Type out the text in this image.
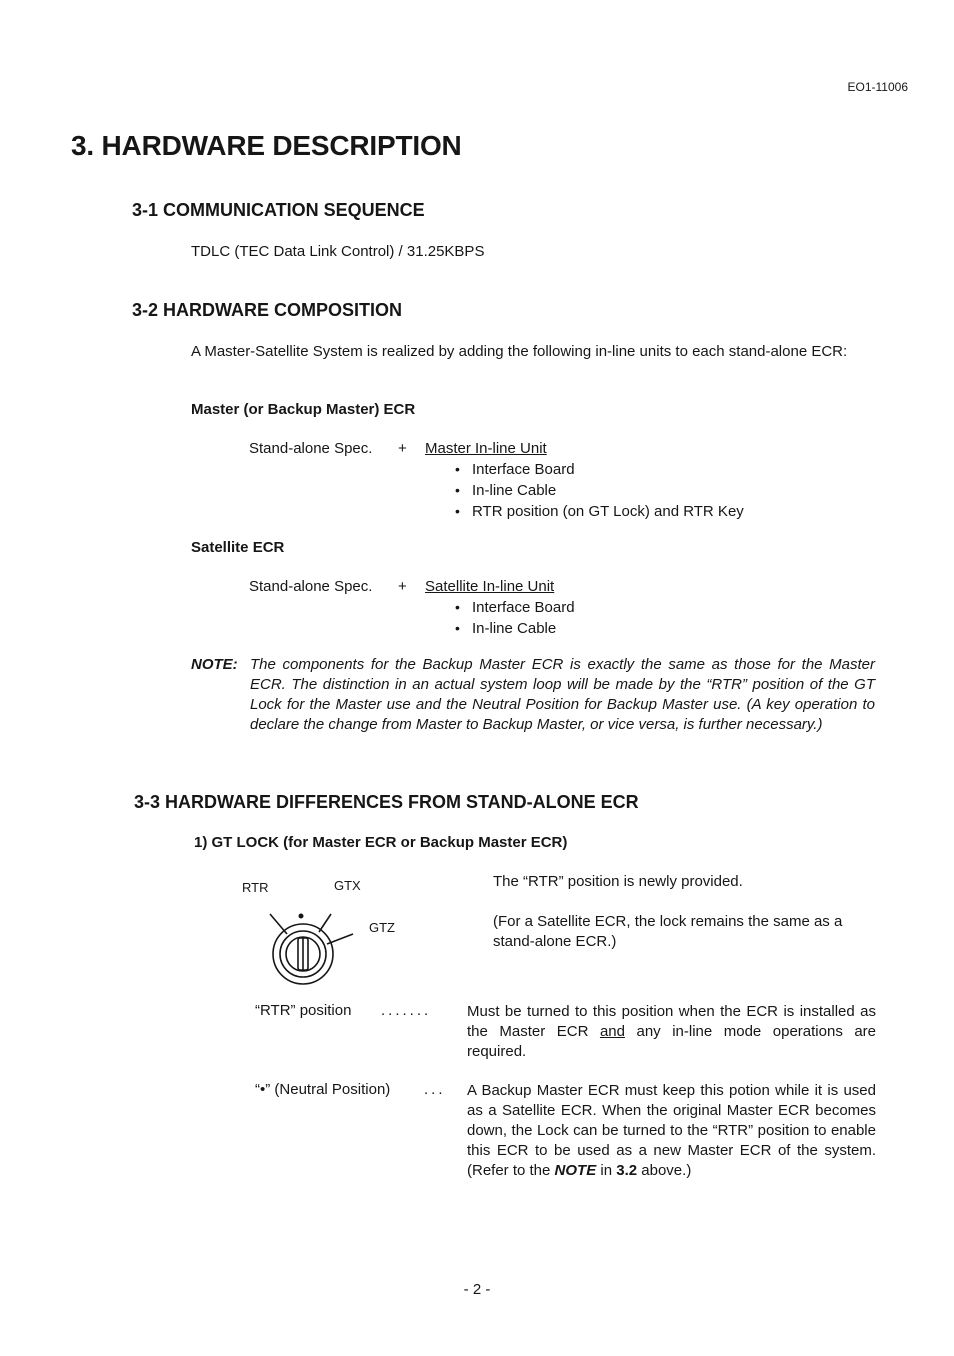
EO1-11006
3. HARDWARE DESCRIPTION
3-1 COMMUNICATION SEQUENCE
TDLC (TEC Data Link Control) / 31.25KBPS
3-2 HARDWARE COMPOSITION

A Master-Satellite System is realized by adding the following in-line units to each stand-alone ECR:

Master (or Backup Master) ECR
Stand-alone Spec. + Master In-line Unit
• Interface Board
• In-line Cable
• RTR position (on GT Lock) and RTR Key
Satellite ECR
Stand-alone Spec. + Satellite In-line Unit
• Interface Board
• In-line Cable
NOTE: The components for the Backup Master ECR is exactly the same as those for the Master ECR. The distinction in an actual system loop will be made by the “RTR” position of the GT Lock for the Master use and the Neutral Position for Backup Master use. (A key operation to declare the change from Master to Backup Master, or vice versa, is further necessary.)
3-3 HARDWARE DIFFERENCES FROM STAND-ALONE ECR
1) GT LOCK (for Master ECR or Backup Master ECR)
RTR	GTX
GTZ
The “RTR” position is newly provided.

(For a Satellite ECR, the lock remains the same as a stand-alone ECR.)

“RTR” position ....... Must be turned to this position when the ECR is installed as the Master ECR and any in-line mode operations are required.

“•” (Neutral Position) ... A Backup Master ECR must keep this potion while it is used as a Satellite ECR. When the original Master ECR becomes down, the Lock can be turned to the “RTR” position to enable this ECR to be used as a new Master ECR of the system. (Refer to the NOTE in 3.2 above.)

- 2 -
